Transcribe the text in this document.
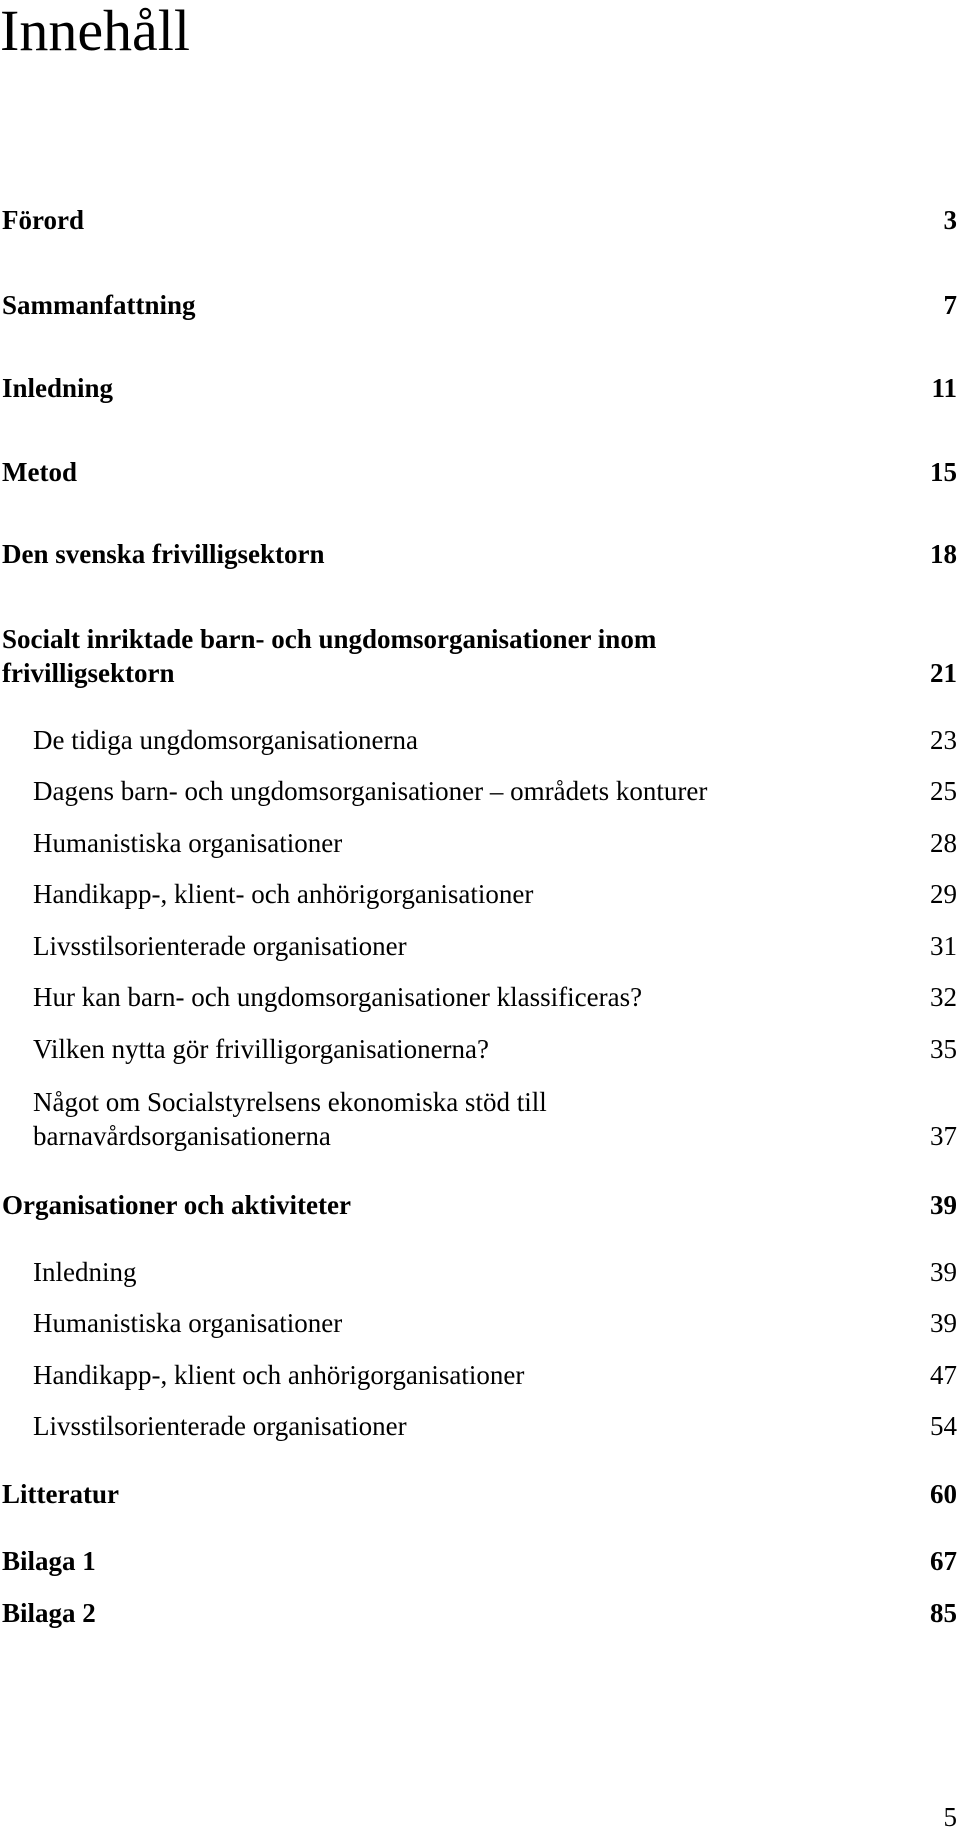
Innehåll
Förord	3
Sammanfattning	7
Inledning	11
Metod	15
Den svenska frivilligsektorn	18
Socialt inriktade barn- och ungdomsorganisationer inom
frivilligsektorn	21
De tidiga ungdomsorganisationerna	23
Dagens barn- och ungdomsorganisationer – områdets konturer	25
Humanistiska organisationer	28
Handikapp-, klient- och anhörigorganisationer	29
Livsstilsorienterade organisationer	31
Hur kan barn- och ungdomsorganisationer klassificeras?	32
Vilken nytta gör frivilligorganisationerna?	35
Något om Socialstyrelsens ekonomiska stöd till
barnavårdsorganisationerna	37
Organisationer och aktiviteter	39
Inledning	39
Humanistiska organisationer	39
Handikapp-, klient och anhörigorganisationer	47
Livsstilsorienterade organisationer	54
Litteratur	60
Bilaga 1	67
Bilaga 2	85
5
